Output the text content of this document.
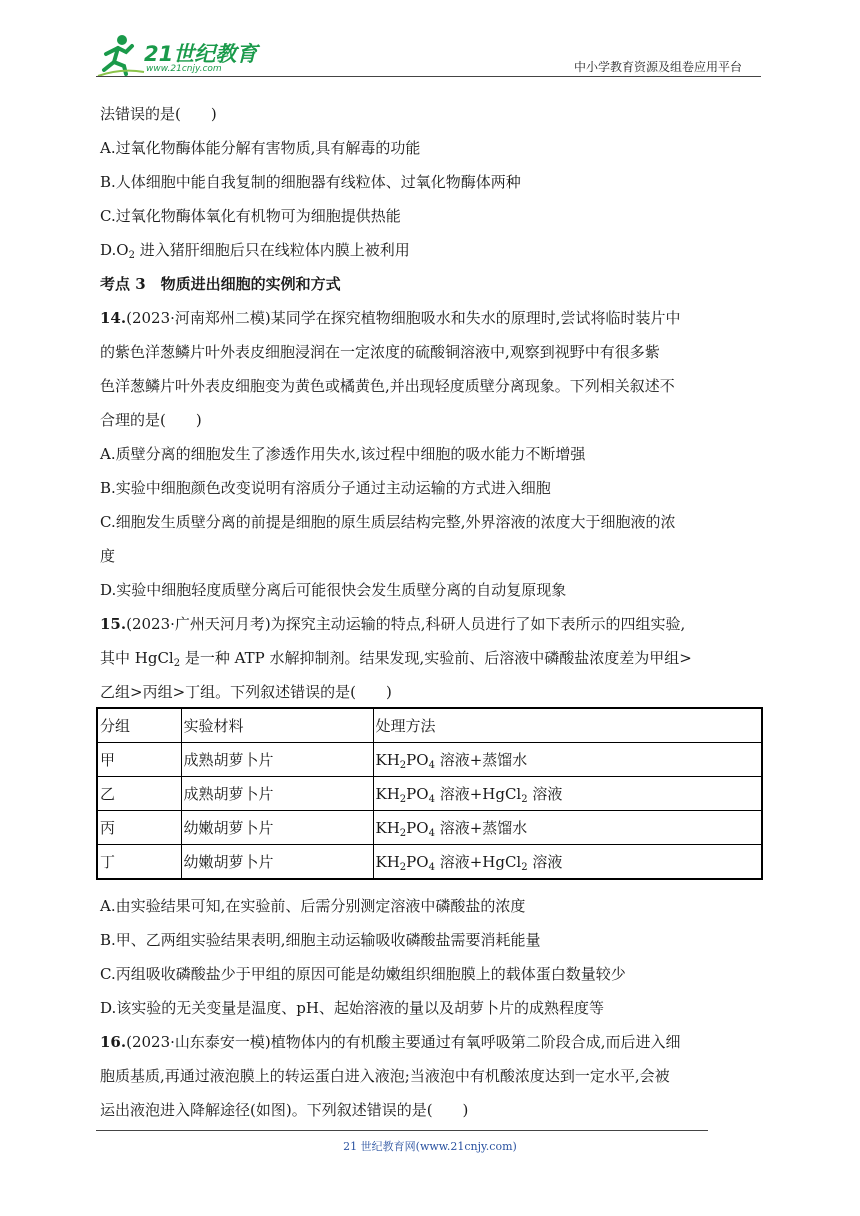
21世纪教育
www.21cnjy.com	中小学教育资源及组卷应用平台
法错误的是(　　)
A.过氧化物酶体能分解有害物质,具有解毒的功能
B.人体细胞中能自我复制的细胞器有线粒体、过氧化物酶体两种
C.过氧化物酶体氧化有机物可为细胞提供热能
$D.O_2$ 进入猪肝细胞后只在线粒体内膜上被利用
考点 3　物质进出细胞的实例和方式
14.(2023·河南郑州二模)某同学在探究植物细胞吸水和失水的原理时,尝试将临时装片中
的紫色洋葱鳞片叶外表皮细胞浸润在一定浓度的硫酸铜溶液中,观察到视野中有很多紫
色洋葱鳞片叶外表皮细胞变为黄色或橘黄色,并出现轻度质壁分离现象。下列相关叙述不
合理的是(　　)
A.质壁分离的细胞发生了渗透作用失水,该过程中细胞的吸水能力不断增强
B.实验中细胞颜色改变说明有溶质分子通过主动运输的方式进入细胞
C.细胞发生质壁分离的前提是细胞的原生质层结构完整,外界溶液的浓度大于细胞液的浓
度
D.实验中细胞轻度质壁分离后可能很快会发生质壁分离的自动复原现象
15.(2023·广州天河月考)为探究主动运输的特点,科研人员进行了如下表所示的四组实验,
其中 HgCl$_2$ 是一种 ATP 水解抑制剂。结果发现,实验前、后溶液中磷酸盐浓度差为甲组>
乙组>丙组>丁组。下列叙述错误的是(　　)
分组	实验材料	处理方法
甲	成熟胡萝卜片	$KH_2PO_4$ 溶液+蒸馏水
乙	成熟胡萝卜片	$KH_2PO_4$ 溶液+HgCl$_2$ 溶液
丙	幼嫩胡萝卜片	$KH_2PO_4$ 溶液+蒸馏水
丁	幼嫩胡萝卜片	$KH_2PO_4$ 溶液+HgCl$_2$ 溶液
A.由实验结果可知,在实验前、后需分别测定溶液中磷酸盐的浓度
B.甲、乙两组实验结果表明,细胞主动运输吸收磷酸盐需要消耗能量
C.丙组吸收磷酸盐少于甲组的原因可能是幼嫩组织细胞膜上的载体蛋白数量较少
D.该实验的无关变量是温度、pH、起始溶液的量以及胡萝卜片的成熟程度等
16.(2023·山东泰安一模)植物体内的有机酸主要通过有氧呼吸第二阶段合成,而后进入细
胞质基质,再通过液泡膜上的转运蛋白进入液泡;当液泡中有机酸浓度达到一定水平,会被
运出液泡进入降解途径(如图)。下列叙述错误的是(　　)
21 世纪教育网(www.21cnjy.com)
